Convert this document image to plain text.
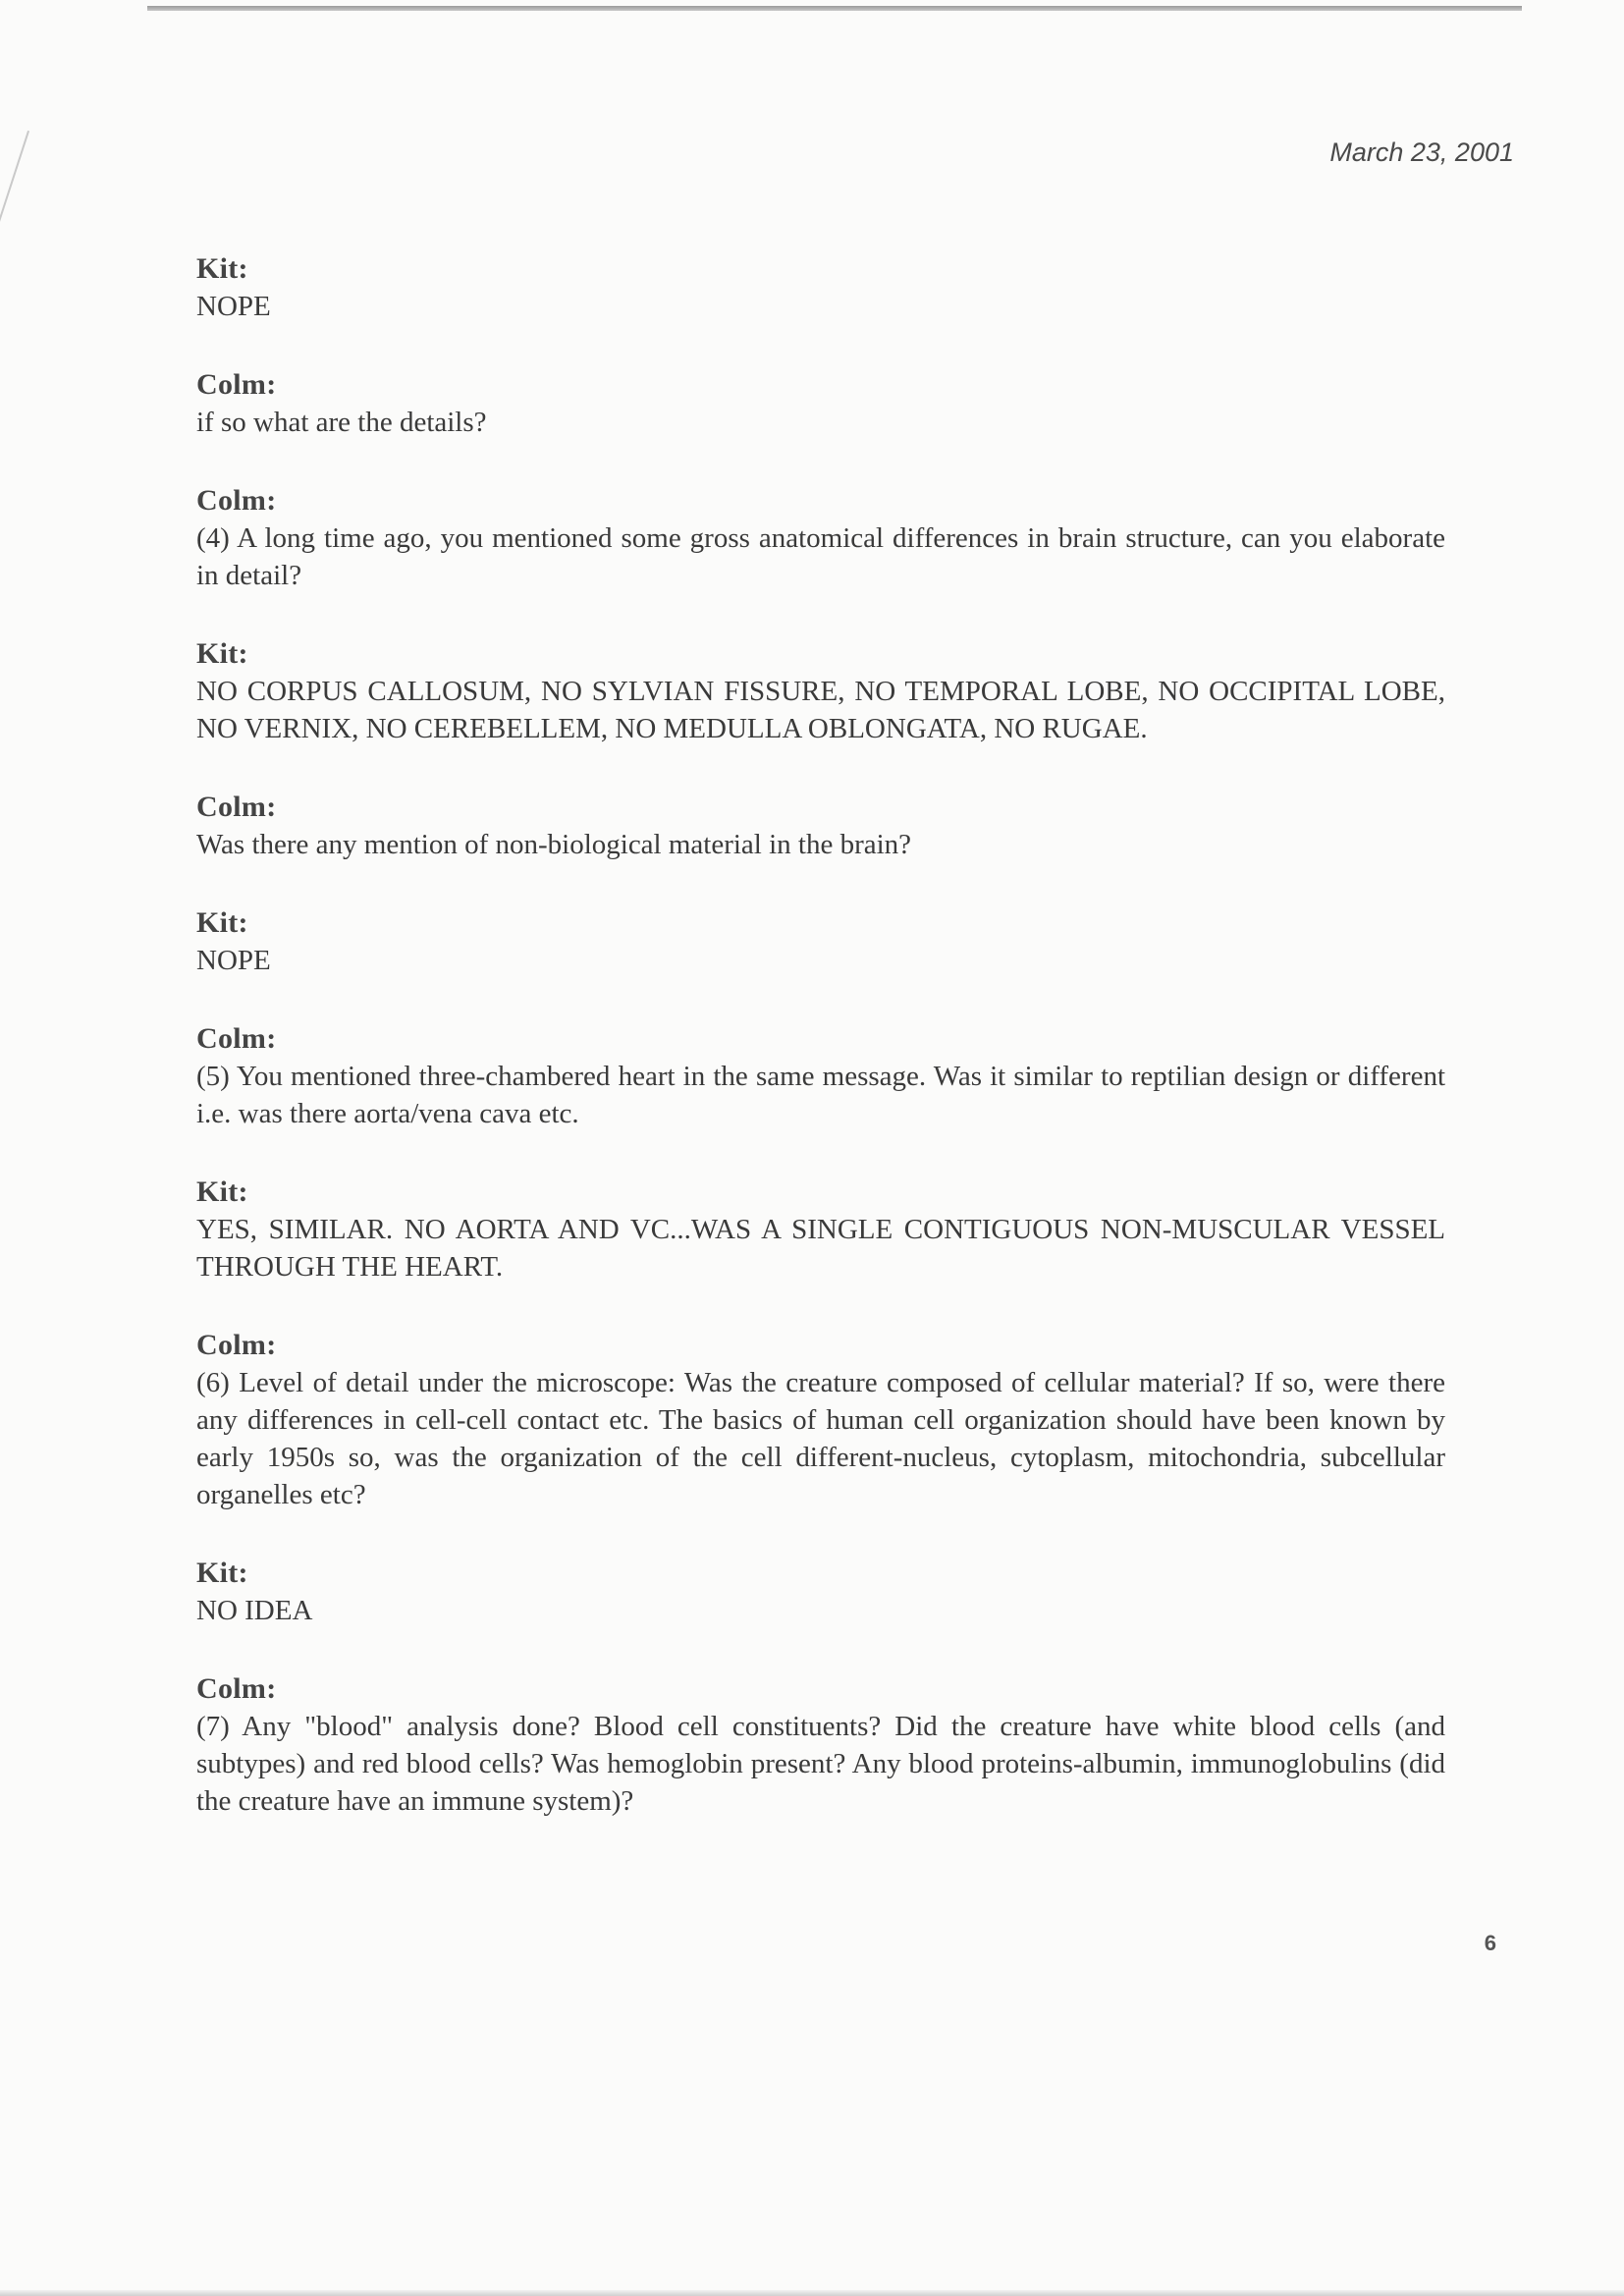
March 23, 2001
Kit:
NOPE
Colm:
if so what are the details?
Colm:
(4) A long time ago, you mentioned some gross anatomical differences in brain structure, can you elaborate in detail?
Kit:
NO CORPUS CALLOSUM, NO SYLVIAN FISSURE, NO TEMPORAL LOBE, NO OCCIPITAL LOBE, NO VERNIX, NO CEREBELLEM, NO MEDULLA OBLONGATA, NO RUGAE.
Colm:
Was there any mention of non-biological material in the brain?
Kit:
NOPE
Colm:
(5) You mentioned three-chambered heart in the same message. Was it similar to reptilian design or different i.e. was there aorta/vena cava etc.
Kit:
YES, SIMILAR. NO AORTA AND VC...WAS A SINGLE CONTIGUOUS NON-MUSCULAR VESSEL THROUGH THE HEART.
Colm:
(6) Level of detail under the microscope: Was the creature composed of cellular material? If so, were there any differences in cell-cell contact etc. The basics of human cell organization should have been known by early 1950s so, was the organization of the cell different-nucleus, cytoplasm, mitochondria, subcellular organelles etc?
Kit:
NO IDEA
Colm:
(7) Any "blood" analysis done? Blood cell constituents? Did the creature have white blood cells (and subtypes) and red blood cells? Was hemoglobin present? Any blood proteins-albumin, immunoglobulins (did the creature have an immune system)?
6
